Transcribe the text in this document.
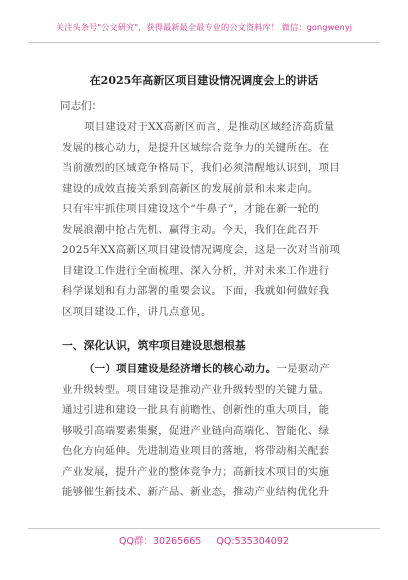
关注头条号"公文研究"，获得最新最全最专业的公文资料库！ 微信：gongwenyj
在2025年高新区项目建设情况调度会上的讲话
同志们：
项目建设对于XX高新区而言，是推动区域经济高质量
发展的核心动力，是提升区域综合竞争力的关键所在。在
当前激烈的区域竞争格局下，我们必须清醒地认识到，项目
建设的成效直接关系到高新区的发展前景和未来走向。
只有牢牢抓住项目建设这个“牛鼻子”，才能在新一轮的
发展浪潮中抢占先机、赢得主动。今天，我们在此召开
2025年XX高新区项目建设情况调度会，这是一次对当前项
目建设工作进行全面梳理、深入分析，并对未来工作进行
科学谋划和有力部署的重要会议。下面，我就如何做好我
区项目建设工作，讲几点意见。
一、深化认识，筑牢项目建设思想根基
（一）项目建设是经济增长的核心动力。一是驱动产
业升级转型。项目建设是推动产业升级转型的关键力量。
通过引进和建设一批具有前瞻性、创新性的重大项目，能
够吸引高端要素集聚，促进产业链向高端化、智能化、绿
色化方向延伸。先进制造业项目的落地，将带动相关配套
产业发展，提升产业的整体竞争力；高新技术项目的实施
能够催生新技术、新产品、新业态，推动产业结构优化升
QQ群：30265665 QQ:535304092
